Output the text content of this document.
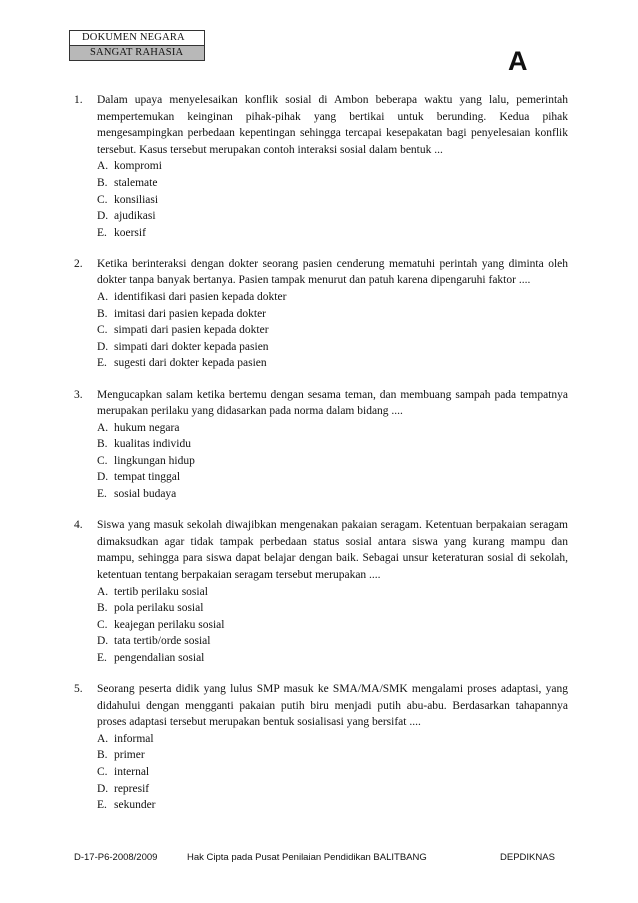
DOKUMEN NEGARA
SANGAT RAHASIA	A
1. Dalam upaya menyelesaikan konflik sosial di Ambon beberapa waktu yang lalu, pemerintah mempertemukan keinginan pihak-pihak yang bertikai untuk berunding. Kedua pihak mengesampingkan perbedaan kepentingan sehingga tercapai kesepakatan bagi penyelesaian konflik tersebut. Kasus tersebut merupakan contoh interaksi sosial dalam bentuk ...
A. kompromi
B. stalemate
C. konsiliasi
D. ajudikasi
E. koersif
2. Ketika berinteraksi dengan dokter seorang pasien cenderung mematuhi perintah yang diminta oleh dokter tanpa banyak bertanya. Pasien tampak menurut dan patuh karena dipengaruhi faktor ....
A. identifikasi dari pasien kepada dokter
B. imitasi dari pasien kepada dokter
C. simpati dari pasien kepada dokter
D. simpati dari dokter kepada pasien
E. sugesti dari dokter kepada pasien
3. Mengucapkan salam ketika bertemu dengan sesama teman, dan membuang sampah pada tempatnya merupakan perilaku yang didasarkan pada norma dalam bidang ....
A. hukum negara
B. kualitas individu
C. lingkungan hidup
D. tempat tinggal
E. sosial budaya
4. Siswa yang masuk sekolah diwajibkan mengenakan pakaian seragam. Ketentuan berpakaian seragam dimaksudkan agar tidak tampak perbedaan status sosial antara siswa yang kurang mampu dan mampu, sehingga para siswa dapat belajar dengan baik. Sebagai unsur keteraturan sosial di sekolah, ketentuan tentang berpakaian seragam tersebut merupakan ....
A. tertib perilaku sosial
B. pola perilaku sosial
C. keajegan perilaku sosial
D. tata tertib/orde sosial
E. pengendalian sosial
5. Seorang peserta didik yang lulus SMP masuk ke SMA/MA/SMK mengalami proses adaptasi, yang didahului dengan mengganti pakaian putih biru menjadi putih abu-abu. Berdasarkan tahapannya proses adaptasi tersebut merupakan bentuk sosialisasi yang bersifat ....
A. informal
B. primer
C. internal
D. represif
E. sekunder
D-17-P6-2008/2009	Hak Cipta pada Pusat Penilaian Pendidikan BALITBANG	DEPDIKNAS
